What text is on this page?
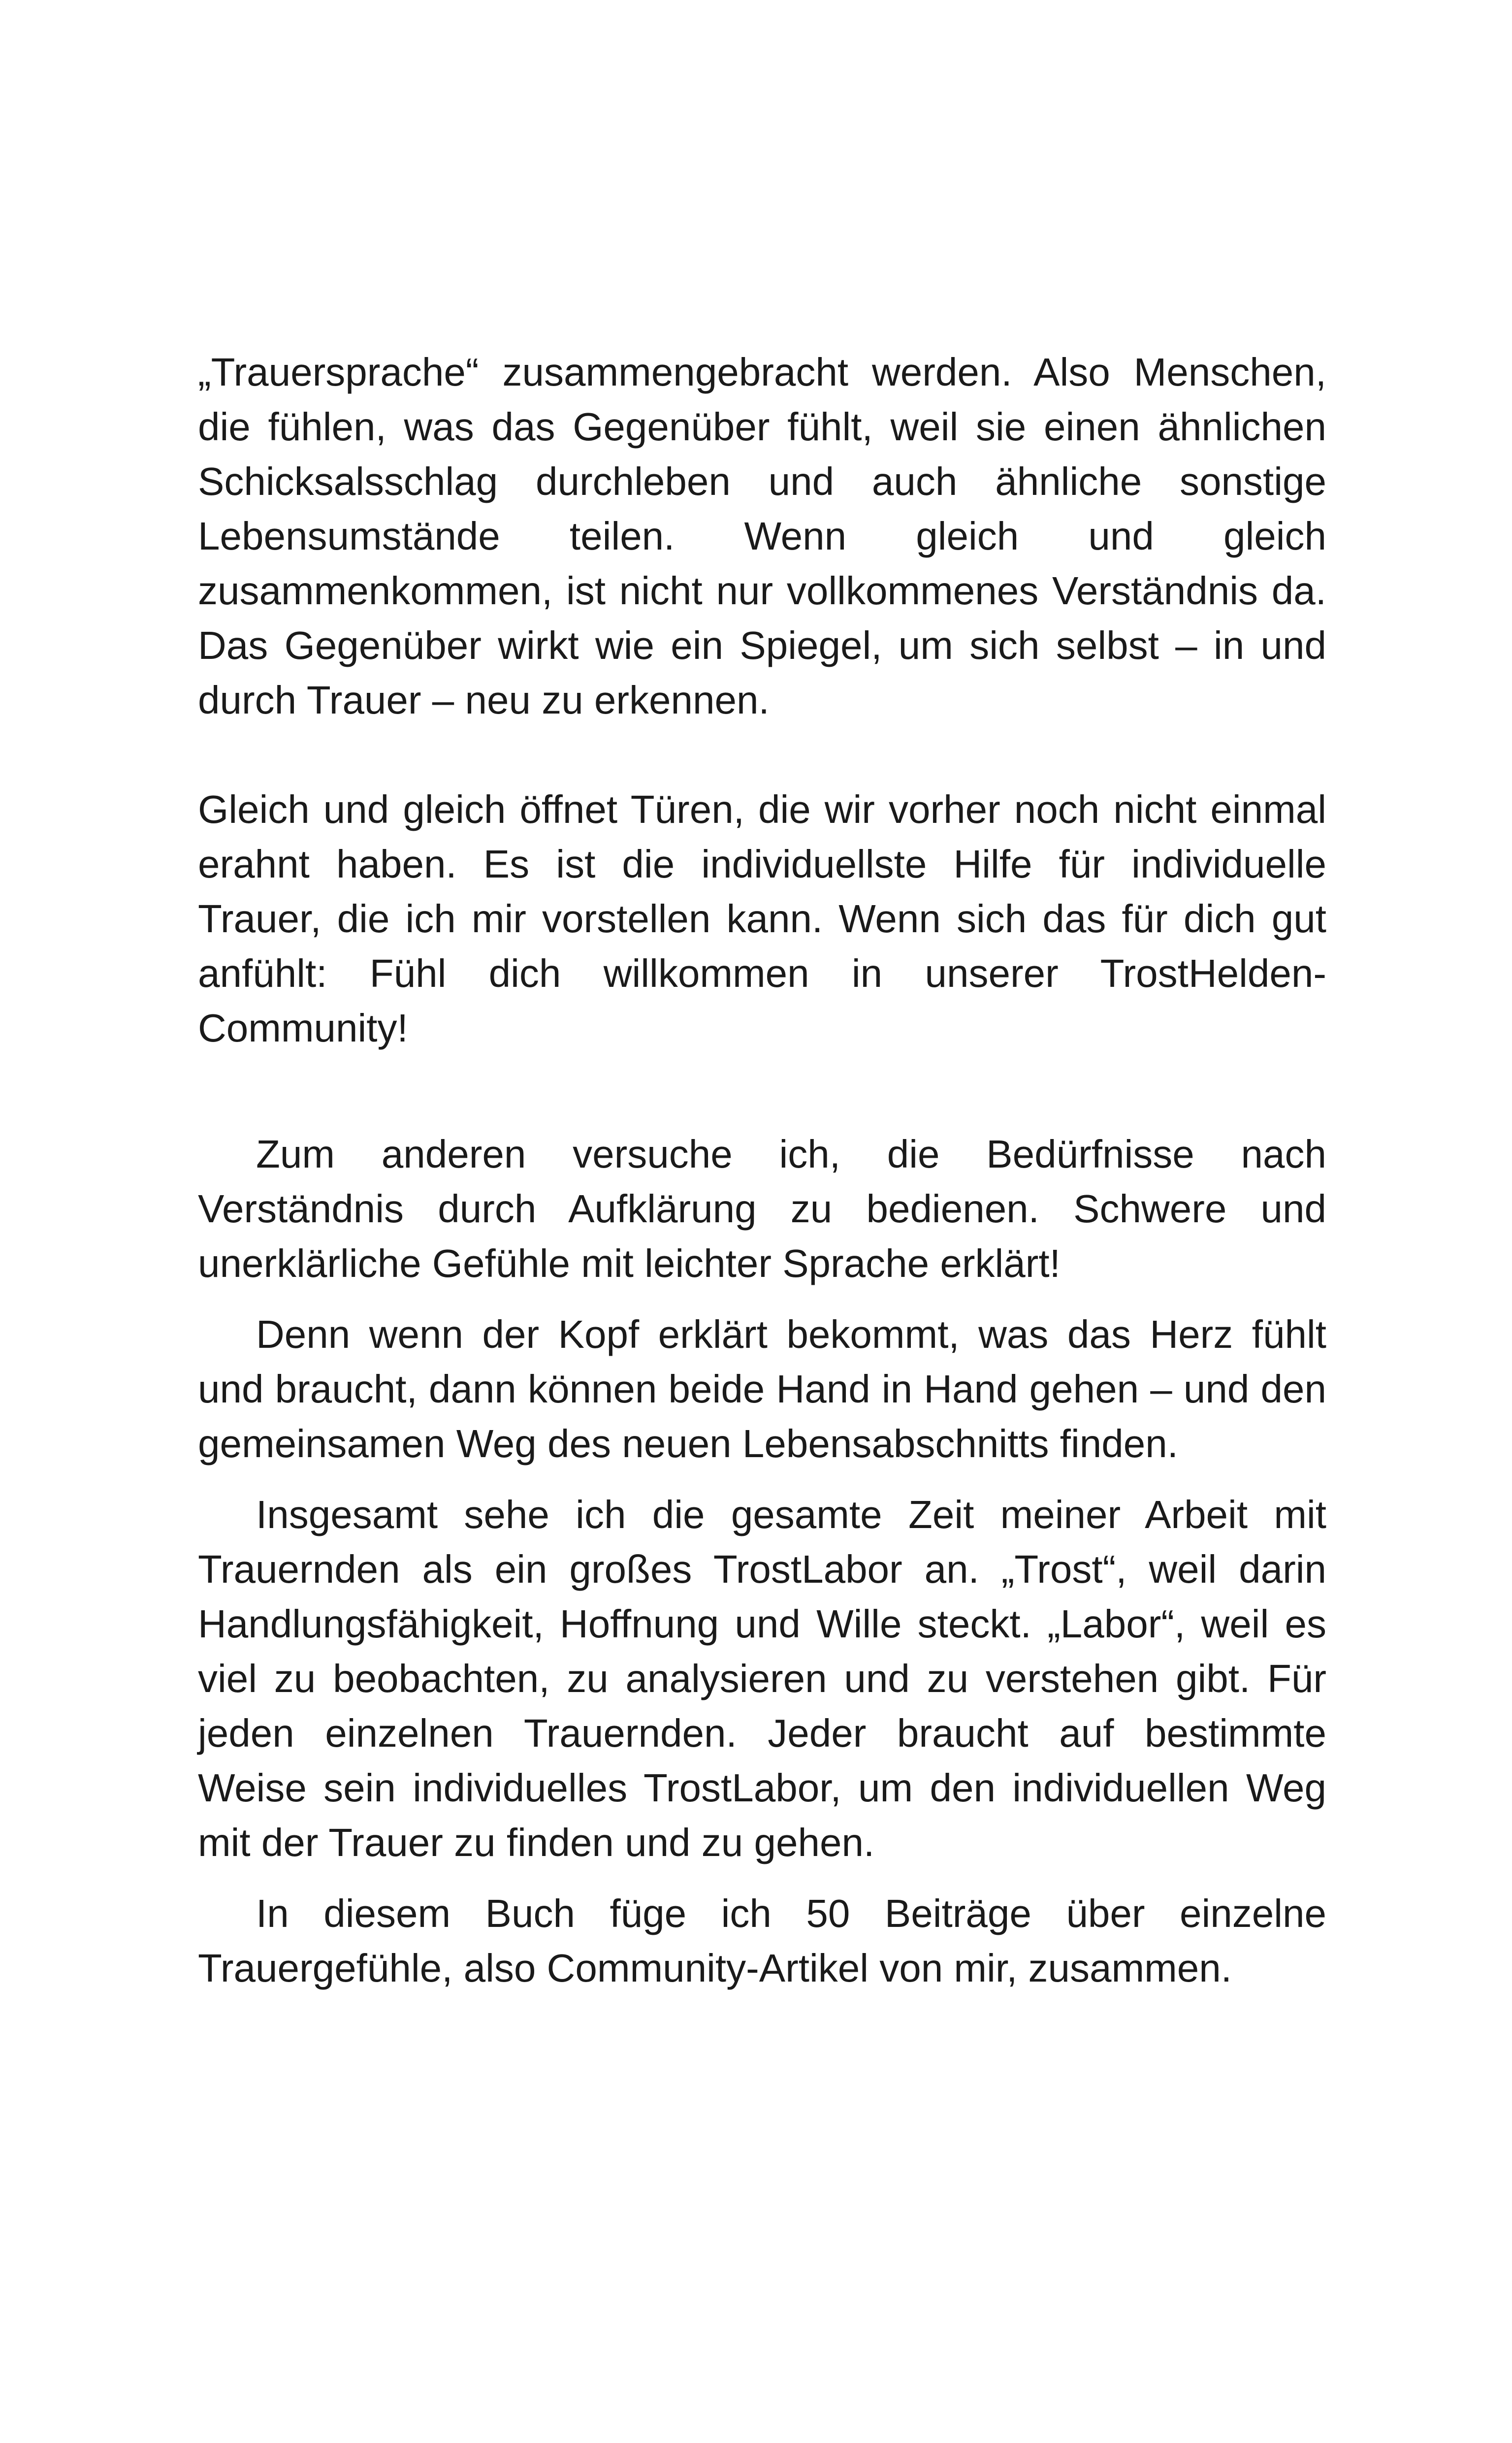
„Trauersprache“ zusammengebracht werden. Also Menschen, die fühlen, was das Gegenüber fühlt, weil sie einen ähnlichen Schicksalsschlag durchleben und auch ähnliche sonstige Lebensumstände teilen. Wenn gleich und gleich zusammenkommen, ist nicht nur vollkommenes Verständnis da. Das Gegenüber wirkt wie ein Spiegel, um sich selbst – in und durch Trauer – neu zu erkennen.

Gleich und gleich öffnet Türen, die wir vorher noch nicht einmal erahnt haben. Es ist die individuellste Hilfe für individuelle Trauer, die ich mir vorstellen kann. Wenn sich das für dich gut anfühlt: Fühl dich willkommen in unserer TrostHelden-Community!

Zum anderen versuche ich, die Bedürfnisse nach Verständnis durch Aufklärung zu bedienen. Schwere und unerklärliche Gefühle mit leichter Sprache erklärt!

Denn wenn der Kopf erklärt bekommt, was das Herz fühlt und braucht, dann können beide Hand in Hand gehen – und den gemeinsamen Weg des neuen Lebensabschnitts finden.

Insgesamt sehe ich die gesamte Zeit meiner Arbeit mit Trauernden als ein großes TrostLabor an. „Trost“, weil darin Handlungsfähigkeit, Hoffnung und Wille steckt. „Labor“, weil es viel zu beobachten, zu analysieren und zu verstehen gibt. Für jeden einzelnen Trauernden. Jeder braucht auf bestimmte Weise sein individuelles TrostLabor, um den individuellen Weg mit der Trauer zu finden und zu gehen.

In diesem Buch füge ich 50 Beiträge über einzelne Trauergefühle, also Community-Artikel von mir, zusammen.
